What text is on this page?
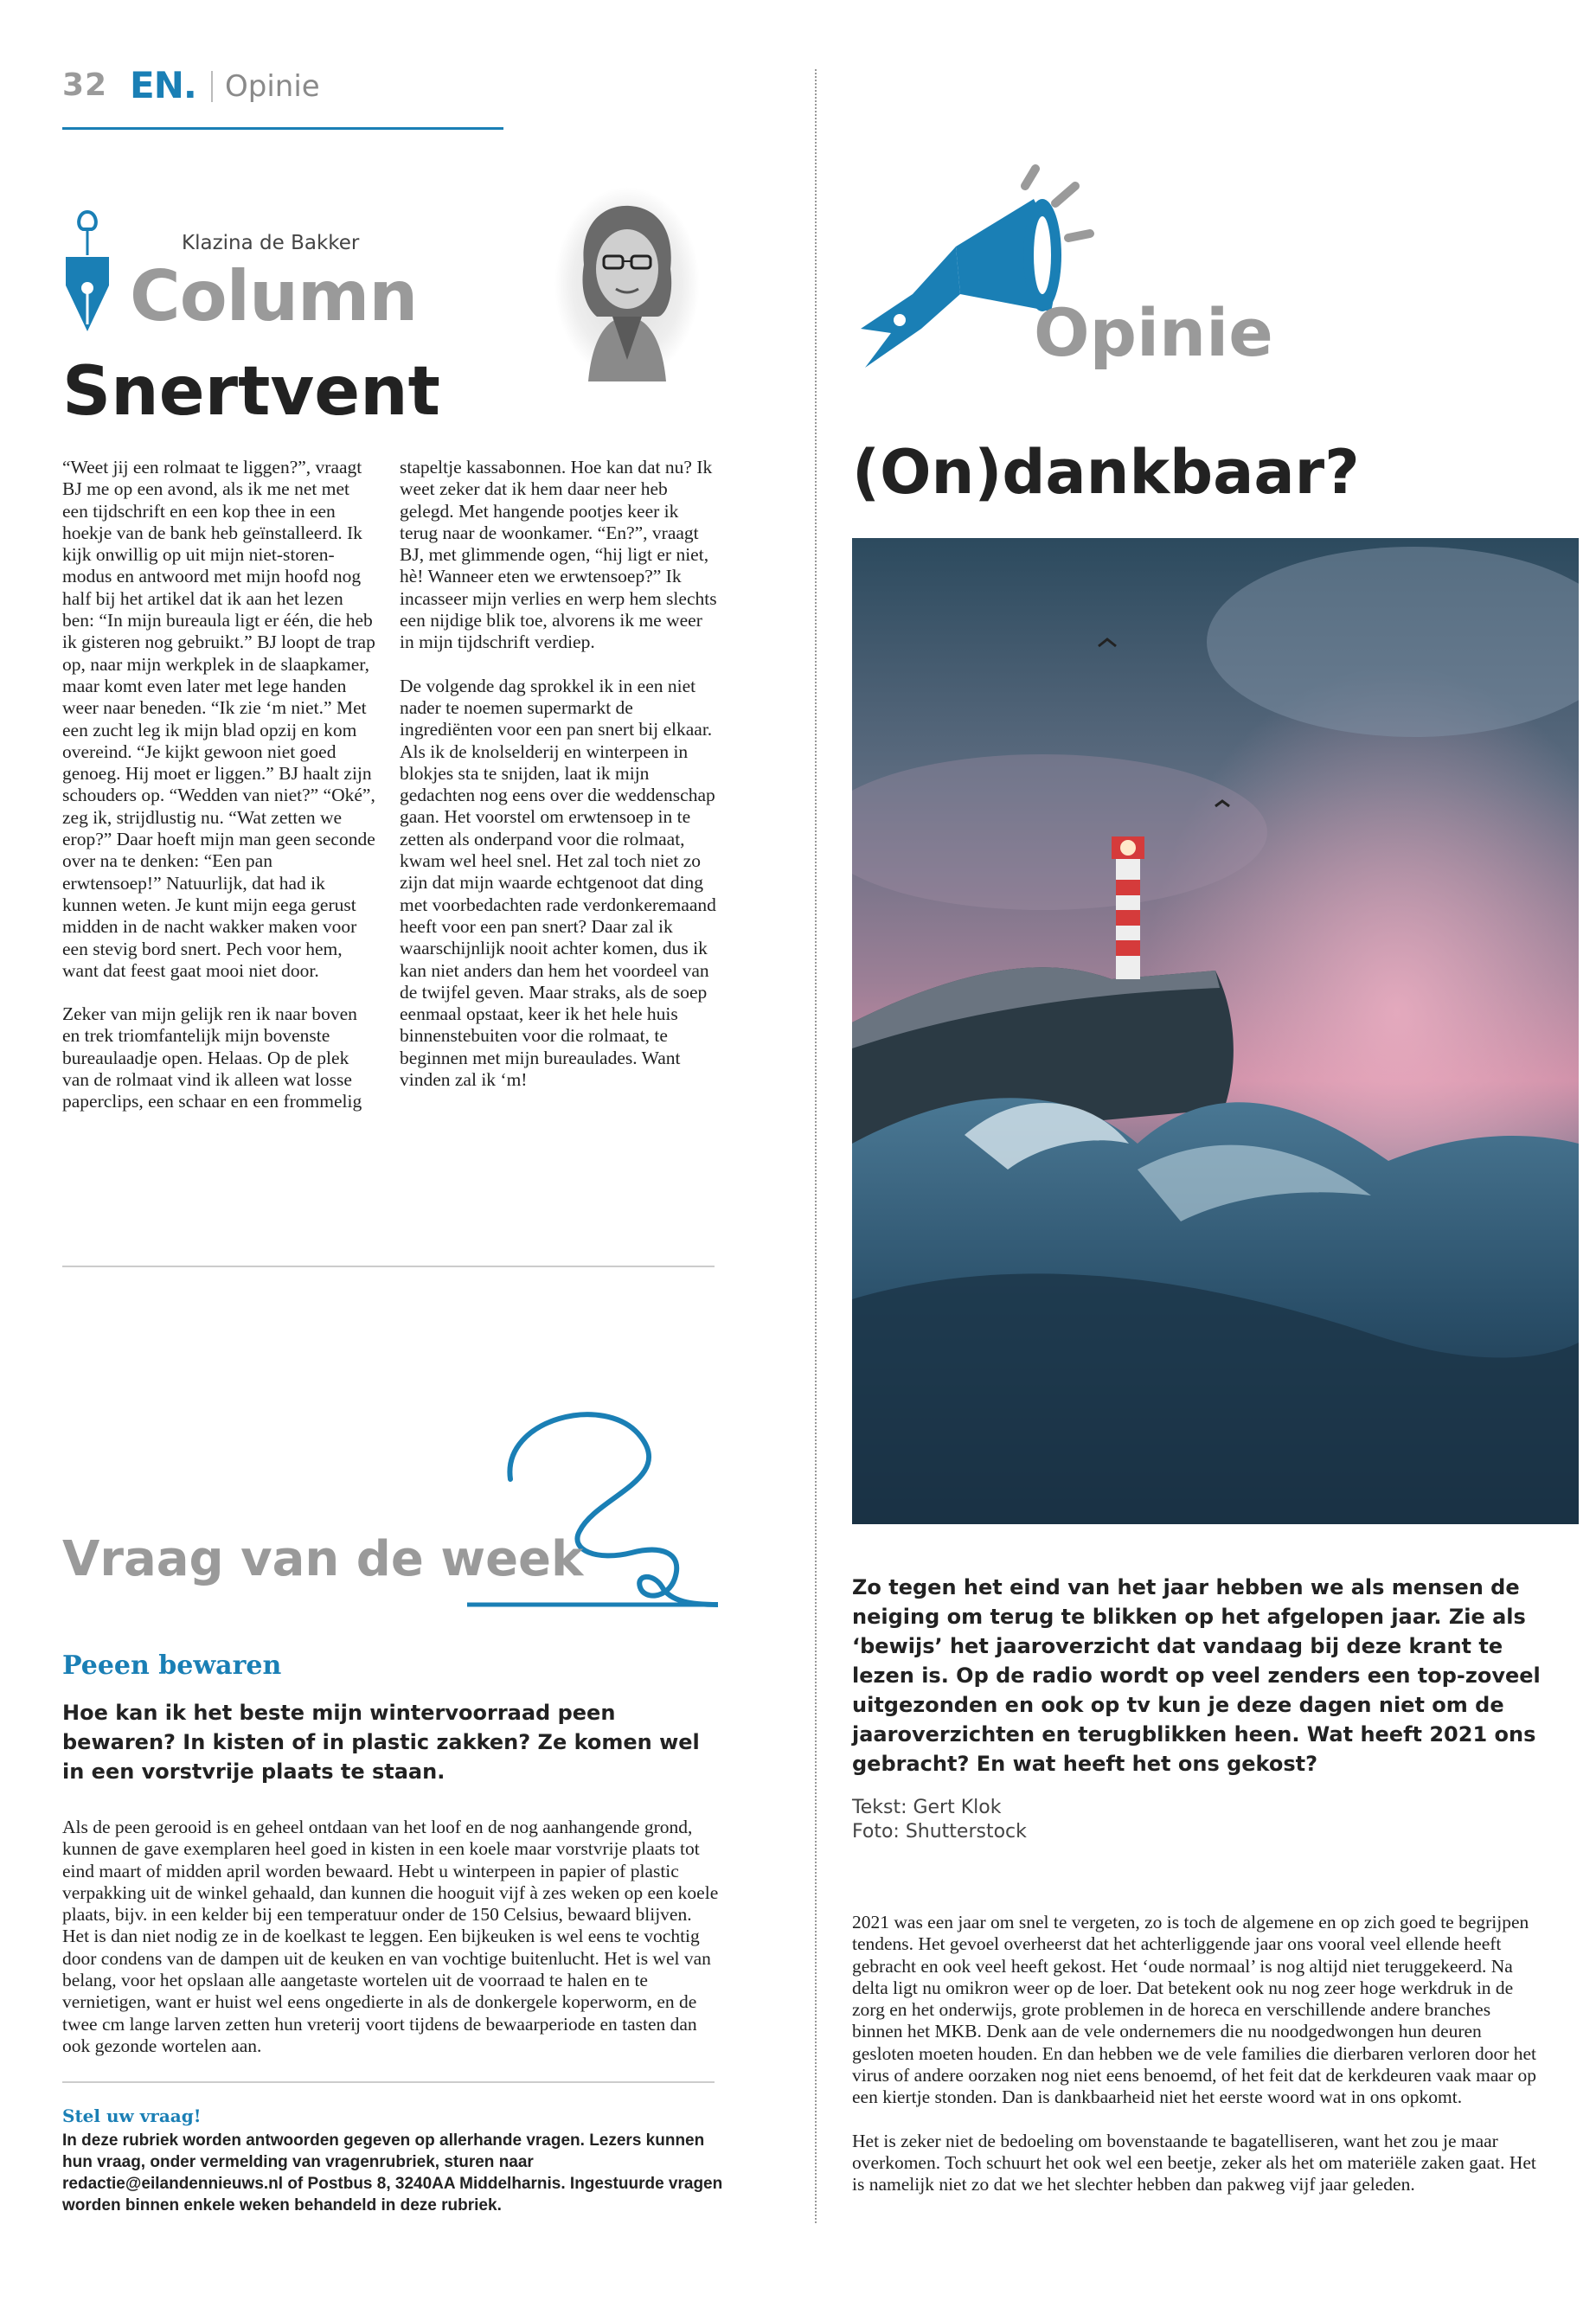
32 EN. Opinie
Klazina de Bakker
Column
Snertvent

“Weet jij een rolmaat te liggen?”, vraagt BJ me op een avond, als ik me net met een tijdschrift en een kop thee in een hoekje van de bank heb geïnstalleerd. Ik kijk onwillig op uit mijn niet-storen-modus en antwoord met mijn hoofd nog half bij het artikel dat ik aan het lezen ben: “In mijn bureaula ligt er één, die heb ik gisteren nog gebruikt.” BJ loopt de trap op, naar mijn werkplek in de slaapkamer, maar komt even later met lege handen weer naar beneden. “Ik zie ‘m niet.” Met een zucht leg ik mijn blad opzij en kom overeind. “Je kijkt gewoon niet goed genoeg. Hij moet er liggen.” BJ haalt zijn schouders op. “Wedden van niet?” “Oké”, zeg ik, strijdlustig nu. “Wat zetten we erop?” Daar hoeft mijn man geen seconde over na te denken: “Een pan erwtensoep!” Natuurlijk, dat had ik kunnen weten. Je kunt mijn eega gerust midden in de nacht wakker maken voor een stevig bord snert. Pech voor hem, want dat feest gaat mooi niet door.

Zeker van mijn gelijk ren ik naar boven en trek triomfantelijk mijn bovenste bureaulaadje open. Helaas. Op de plek van de rolmaat vind ik alleen wat losse paperclips, een schaar en een frommelig

stapeltje kassabonnen. Hoe kan dat nu? Ik weet zeker dat ik hem daar neer heb gelegd. Met hangende pootjes keer ik terug naar de woonkamer. “En?”, vraagt BJ, met glimmende ogen, “hij ligt er niet, hè! Wanneer eten we erwtensoep?” Ik incasseer mijn verlies en werp hem slechts een nijdige blik toe, alvorens ik me weer in mijn tijdschrift verdiep.

De volgende dag sprokkel ik in een niet nader te noemen supermarkt de ingrediënten voor een pan snert bij elkaar. Als ik de knolselderij en winterpeen in blokjes sta te snijden, laat ik mijn gedachten nog eens over die weddenschap gaan. Het voorstel om erwtensoep in te zetten als onderpand voor die rolmaat, kwam wel heel snel. Het zal toch niet zo zijn dat mijn waarde echtgenoot dat ding met voorbedachten rade verdonkeremaand heeft voor een pan snert? Daar zal ik waarschijnlijk nooit achter komen, dus ik kan niet anders dan hem het voordeel van de twijfel geven. Maar straks, als de soep eenmaal opstaat, keer ik het hele huis binnenstebuiten voor die rolmaat, te beginnen met mijn bureaulades. Want vinden zal ik ‘m!

Vraag van de week
Peeen bewaren
Hoe kan ik het beste mijn wintervoorraad peen bewaren? In kisten of in plastic zakken? Ze komen wel in een vorstvrije plaats te staan.
Als de peen gerooid is en geheel ontdaan van het loof en de nog aanhangende grond, kunnen de gave exemplaren heel goed in kisten in een koele maar vorstvrije plaats tot eind maart of midden april worden bewaard. Hebt u winterpeen in papier of plastic verpakking uit de winkel gehaald, dan kunnen die hooguit vijf à zes weken op een koele plaats, bijv. in een kelder bij een temperatuur onder de 150 Celsius, bewaard blijven. Het is dan niet nodig ze in de koelkast te leggen. Een bijkeuken is wel eens te vochtig door condens van de dampen uit de keuken en van vochtige buitenlucht. Het is wel van belang, voor het opslaan alle aangetaste wortelen uit de voorraad te halen en te vernietigen, want er huist wel eens ongedierte in als de donkergele koperworm, en de twee cm lange larven zetten hun vreterij voort tijdens de bewaarperiode en tasten dan ook gezonde wortelen aan.
Stel uw vraag!
In deze rubriek worden antwoorden gegeven op allerhande vragen. Lezers kunnen hun vraag, onder vermelding van vragenrubriek, sturen naar redactie@eilandennieuws.nl of Postbus 8, 3240AA Middelharnis. Ingestuurde vragen worden binnen enkele weken behandeld in deze rubriek.
Opinie
(On)dankbaar?
Zo tegen het eind van het jaar hebben we als mensen de neiging om terug te blikken op het afgelopen jaar. Zie als ‘bewijs’ het jaaroverzicht dat vandaag bij deze krant te lezen is. Op de radio wordt op veel zenders een top-zoveel uitgezonden en ook op tv kun je deze dagen niet om de jaaroverzichten en terugblikken heen. Wat heeft 2021 ons gebracht? En wat heeft het ons gekost?
Tekst: Gert Klok
Foto: Shutterstock

2021 was een jaar om snel te vergeten, zo is toch de algemene en op zich goed te begrijpen tendens. Het gevoel overheerst dat het achterliggende jaar ons vooral veel ellende heeft gebracht en ook veel heeft gekost. Het ‘oude normaal’ is nog altijd niet teruggekeerd. Na delta ligt nu omikron weer op de loer. Dat betekent ook nu nog zeer hoge werkdruk in de zorg en het onderwijs, grote problemen in de horeca en verschillende andere branches binnen het MKB. Denk aan de vele ondernemers die nu noodgedwongen hun deuren gesloten moeten houden. En dan hebben we de vele families die dierbaren verloren door het virus of andere oorzaken nog niet eens benoemd, of het feit dat de kerkdeuren vaak maar op een kiertje stonden. Dan is dankbaarheid niet het eerste woord wat in ons opkomt.

Het is zeker niet de bedoeling om bovenstaande te bagatelliseren, want het zou je maar overkomen. Toch schuurt het ook wel een beetje, zeker als het om materiële zaken gaat. Het is namelijk niet zo dat we het slechter hebben dan pakweg vijf jaar geleden.
